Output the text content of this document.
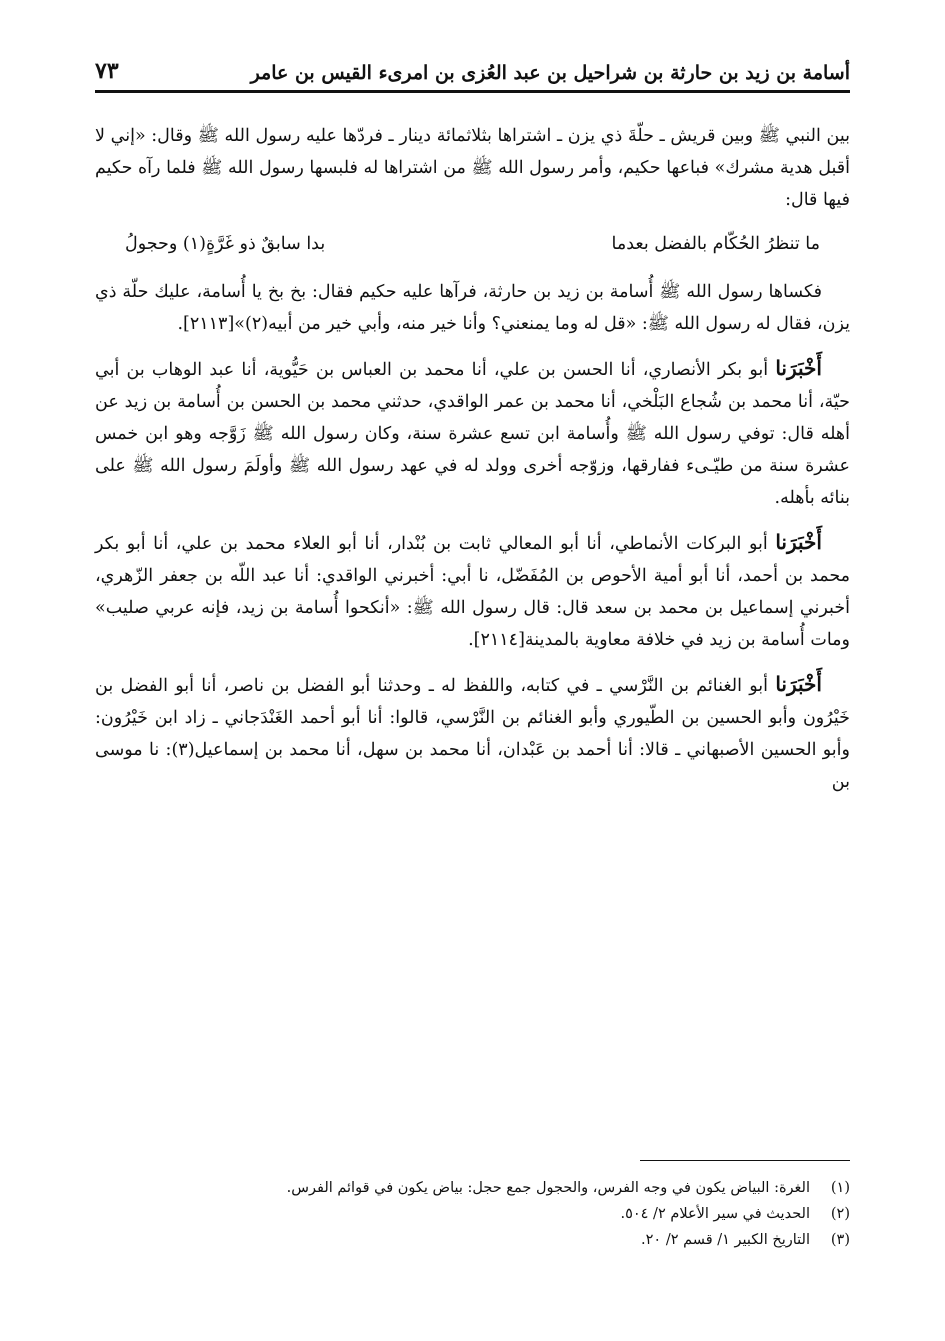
أسامة بن زيد بن حارثة بن شراحيل بن عبد العُزى بن امرىء القيس بن عامر
٧٣

بين النبي ﷺ وبين قريش ـ حلّةَ ذي يزن ـ اشتراها بثلاثمائة دينار ـ فردّها عليه رسول الله ﷺ وقال: «إني لا أقبل هدية مشرك» فباعها حكيم، وأمر رسول الله ﷺ من اشتراها له فلبسها رسول الله ﷺ فلما رآه حكيم فيها قال:

ما تنظرُ الحُكّام بالفضل بعدما
بدا سابقٌ ذو غَرَّةٍ(١) وحجولُ

فكساها رسول الله ﷺ أُسامة بن زيد بن حارثة، فرآها عليه حكيم فقال: بخ بخ يا أُسامة، عليك حلّة ذي يزن، فقال له رسول الله ﷺ: «قل له وما يمنعني؟ وأنا خير منه، وأبي خير من أبيه(٢)»[٢١١٣].

أَخْبَرَنا أبو بكر الأنصاري، أنا الحسن بن علي، أنا محمد بن العباس بن حَيُّوية، أنا عبد الوهاب بن أبي حيّة، أنا محمد بن شُجاع البَلْخي، أنا محمد بن عمر الواقدي، حدثني محمد بن الحسن بن أُسامة بن زيد عن أهله قال: توفي رسول الله ﷺ وأُسامة ابن تسع عشرة سنة، وكان رسول الله ﷺ زَوَّجه وهو ابن خمس عشرة سنة من طيّـىء ففارقها، وزوّجه أخرى وولد له في عهد رسول الله ﷺ وأولَمَ رسول الله ﷺ على بنائه بأهله.

أَخْبَرَنا أبو البركات الأنماطي، أنا أبو المعالي ثابت بن بُنْدار، أنا أبو العلاء محمد بن علي، أنا أبو بكر محمد بن أحمد، أنا أبو أمية الأحوص بن المُفَضّل، نا أبي: أخبرني الواقدي: أنا عبد اللّه بن جعفر الزّهري، أخبرني إسماعيل بن محمد بن سعد قال: قال رسول الله ﷺ: «أنكحوا أُسامة بن زيد، فإنه عربي صليب» ومات أُسامة بن زيد في خلافة معاوية بالمدينة[٢١١٤].

أَخْبَرَنا أبو الغنائم بن النَّرْسي ـ في كتابه، واللفظ له ـ وحدثنا أبو الفضل بن ناصر، أنا أبو الفضل بن خَيْرُون وأبو الحسين بن الطّيوري وأبو الغنائم بن النَّرْسي، قالوا: أنا أبو أحمد الغَنْدَجاني ـ زاد ابن خَيْرُون: وأبو الحسين الأصبهاني ـ قالا: أنا أحمد بن عَبْدان، أنا محمد بن سهل، أنا محمد بن إسماعيل(٣): نا موسى بن

(١)
الغرة: البياض يكون في وجه الفرس، والحجول جمع حجل: بياض يكون في قوائم الفرس.
(٢)
الحديث في سير الأعلام ٢/ ٥٠٤.
(٣)
التاريخ الكبير ١/ قسم ٢/ ٢٠.
